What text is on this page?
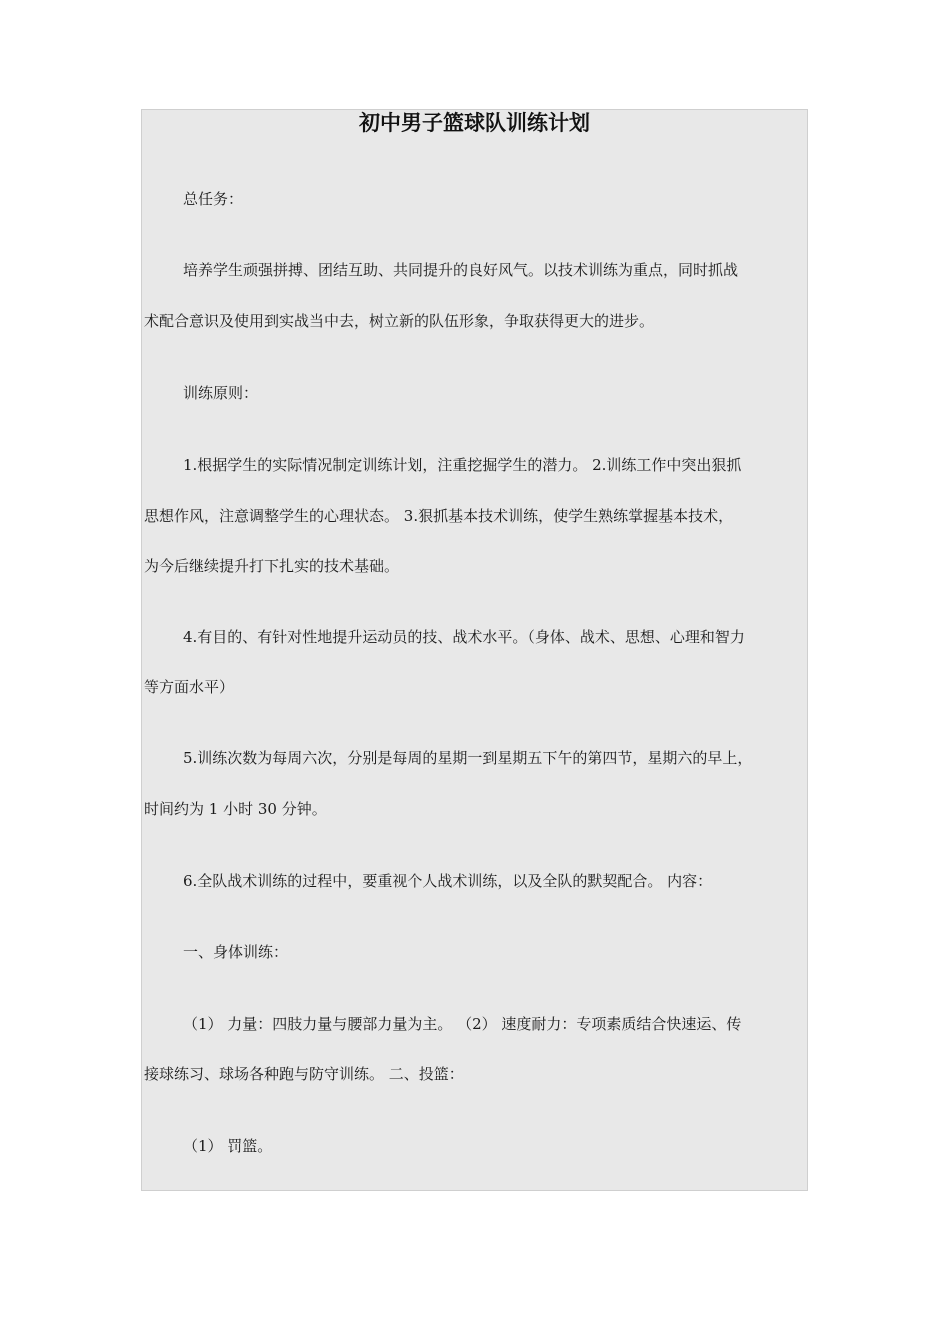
初中男子篮球队训练计划
总任务：
培养学生顽强拼搏、团结互助、共同提升的良好风气。以技术训练为重点，同时抓战
术配合意识及使用到实战当中去，树立新的队伍形象，争取获得更大的进步。
训练原则：
1.根据学生的实际情况制定训练计划，注重挖掘学生的潜力。 2.训练工作中突出狠抓
思想作风，注意调整学生的心理状态。 3.狠抓基本技术训练，使学生熟练掌握基本技术，
为今后继续提升打下扎实的技术基础。
4.有目的、有针对性地提升运动员的技、战术水平。（身体、战术、思想、心理和智力
等方面水平）
5.训练次数为每周六次，分别是每周的星期一到星期五下午的第四节，星期六的早上，
时间约为 1 小时 30 分钟。
6.全队战术训练的过程中，要重视个人战术训练，以及全队的默契配合。 内容：
一、身体训练：
（1） 力量：四肢力量与腰部力量为主。 （2） 速度耐力：专项素质结合快速运、传
接球练习、球场各种跑与防守训练。 二、投篮：
（1） 罚篮。
